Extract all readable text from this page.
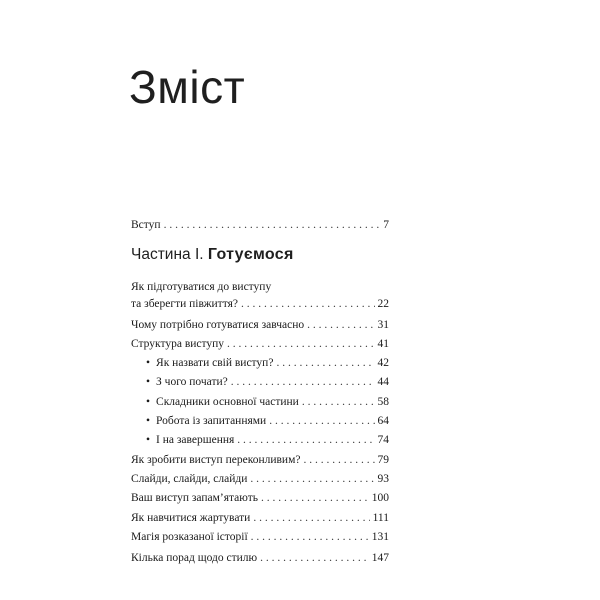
Зміст
Вступ . . .	7
Частина І. Готуємося
Як підготуватися до виступу
та зберегти півжиття? . . .	22
Чому потрібно готуватися завчасно . . .	31
Структура виступу . . .	41
• Як назвати свій виступ? . . .	42
• З чого почати? . . .	44
• Складники основної частини . . .	58
• Робота із запитаннями . . .	64
• І на завершення . . .	74
Як зробити виступ переконливим? . . .	79
Слайди, слайди, слайди . . .	93
Ваш виступ запам’ятають . . .	100
Як навчитися жартувати . . .	111
Магія розказаної історії . . .	131
Кілька порад щодо стилю . . .	147
